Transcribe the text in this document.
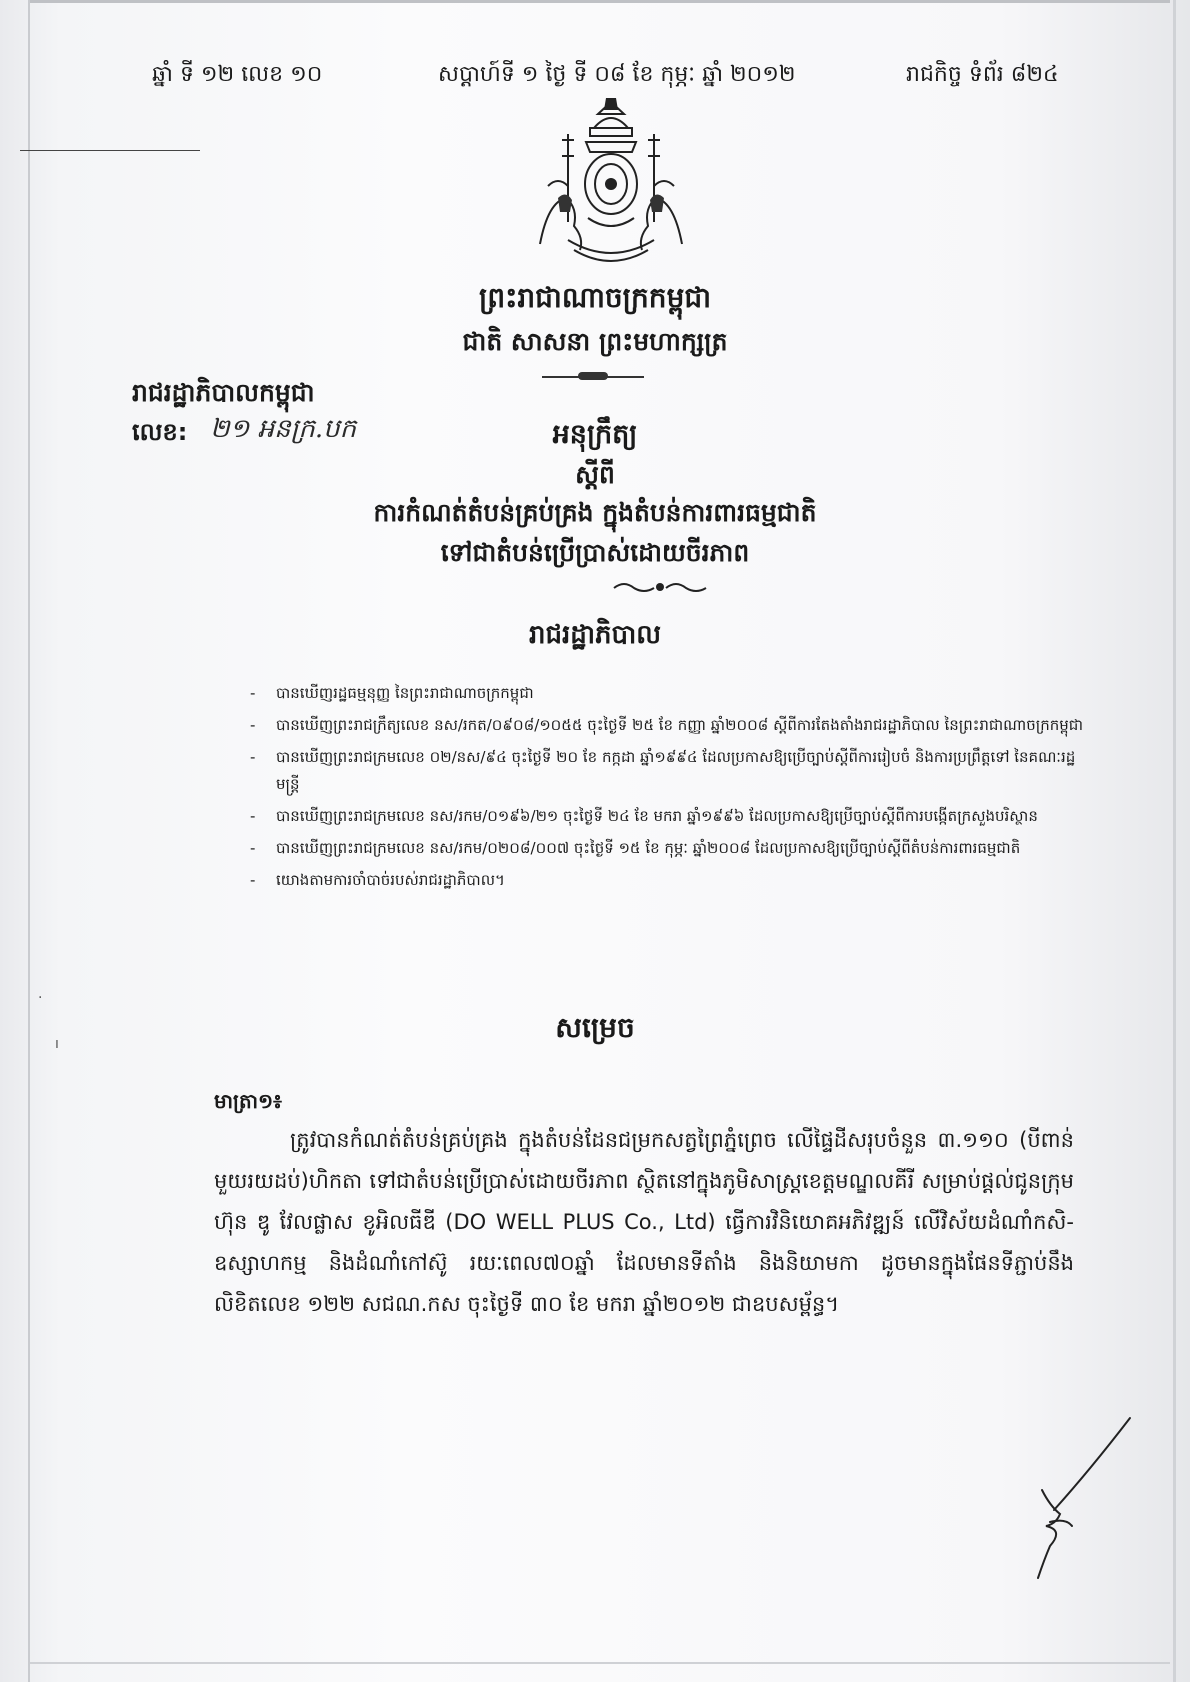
ឆ្នាំ ទី ១២ លេខ ១០	សប្តាហ៍ទី ១ ថ្ងៃ ទី ០៨ ខែ កុម្ភៈ ឆ្នាំ ២០១២	រាជកិច្ច ទំព័រ ៨២៤
ព្រះរាជាណាចក្រកម្ពុជា
ជាតិ សាសនា ព្រះមហាក្សត្រ
រាជរដ្ឋាភិបាលកម្ពុជា
លេខ: ២១ អនក្រ.បក	អនុក្រឹត្យ
ស្តីពី
ការកំណត់តំបន់គ្រប់គ្រង ក្នុងតំបន់ការពារធម្មជាតិ
ទៅជាតំបន់ប្រើប្រាស់ដោយចីរភាព
រាជរដ្ឋាភិបាល
- បានឃើញរដ្ឋធម្មនុញ្ញ នៃព្រះរាជាណាចក្រកម្ពុជា
- បានឃើញព្រះរាជក្រឹត្យលេខ នស/រកត/០៩០៨/១០៥៥ ចុះថ្ងៃទី ២៥ ខែ កញ្ញា ឆ្នាំ២០០៨ ស្តីពីការតែងតាំងរាជរដ្ឋាភិបាល នៃព្រះរាជាណាចក្រកម្ពុជា
- បានឃើញព្រះរាជក្រមលេខ ០២/នស/៩៤ ចុះថ្ងៃទី ២០ ខែ កក្កដា ឆ្នាំ១៩៩៤ ដែលប្រកាសឱ្យប្រើច្បាប់ស្តីពីការរៀបចំ និងការប្រព្រឹត្តទៅ នៃគណៈរដ្ឋមន្ត្រី
- បានឃើញព្រះរាជក្រមលេខ នស/រកម/០១៩៦/២១ ចុះថ្ងៃទី ២៤ ខែ មករា ឆ្នាំ១៩៩៦ ដែលប្រកាសឱ្យប្រើច្បាប់ស្តីពីការបង្កើតក្រសួងបរិស្ថាន
- បានឃើញព្រះរាជក្រមលេខ នស/រកម/០២០៨/០០៧ ចុះថ្ងៃទី ១៥ ខែ កុម្ភៈ ឆ្នាំ២០០៨ ដែលប្រកាសឱ្យប្រើច្បាប់ស្តីពីតំបន់ការពារធម្មជាតិ
- យោងតាមការចាំបាច់របស់រាជរដ្ឋាភិបាល។
·
ı	សម្រេច
មាត្រា១៖
ត្រូវបានកំណត់តំបន់គ្រប់គ្រង ក្នុងតំបន់ដែនជម្រកសត្វព្រៃភ្នំព្រេច លើផ្ទៃដីសរុបចំនួន ៣.១១០ (បីពាន់ មួយរយដប់)ហិកតា ទៅជាតំបន់ប្រើប្រាស់ដោយចីរភាព ស្ថិតនៅក្នុងភូមិសាស្ត្រខេត្តមណ្ឌលគីរី សម្រាប់ផ្តល់ជូនក្រុមហ៊ុន ឌូ វែលផ្លាស ខូអិលធីឌី (DO WELL PLUS Co., Ltd) ធ្វើការវិនិយោគអភិវឌ្ឍន៍ លើវិស័យដំណាំកសិ-ឧស្សាហកម្ម និងដំណាំកៅស៊ូ រយៈពេល៧០ឆ្នាំ ដែលមានទីតាំង និងនិយាមកា ដូចមានក្នុងផែនទីភ្ជាប់នឹងលិខិតលេខ ១២២ សជណ.កស ចុះថ្ងៃទី ៣០ ខែ មករា ឆ្នាំ២០១២ ជាឧបសម្ព័ន្ធ។
